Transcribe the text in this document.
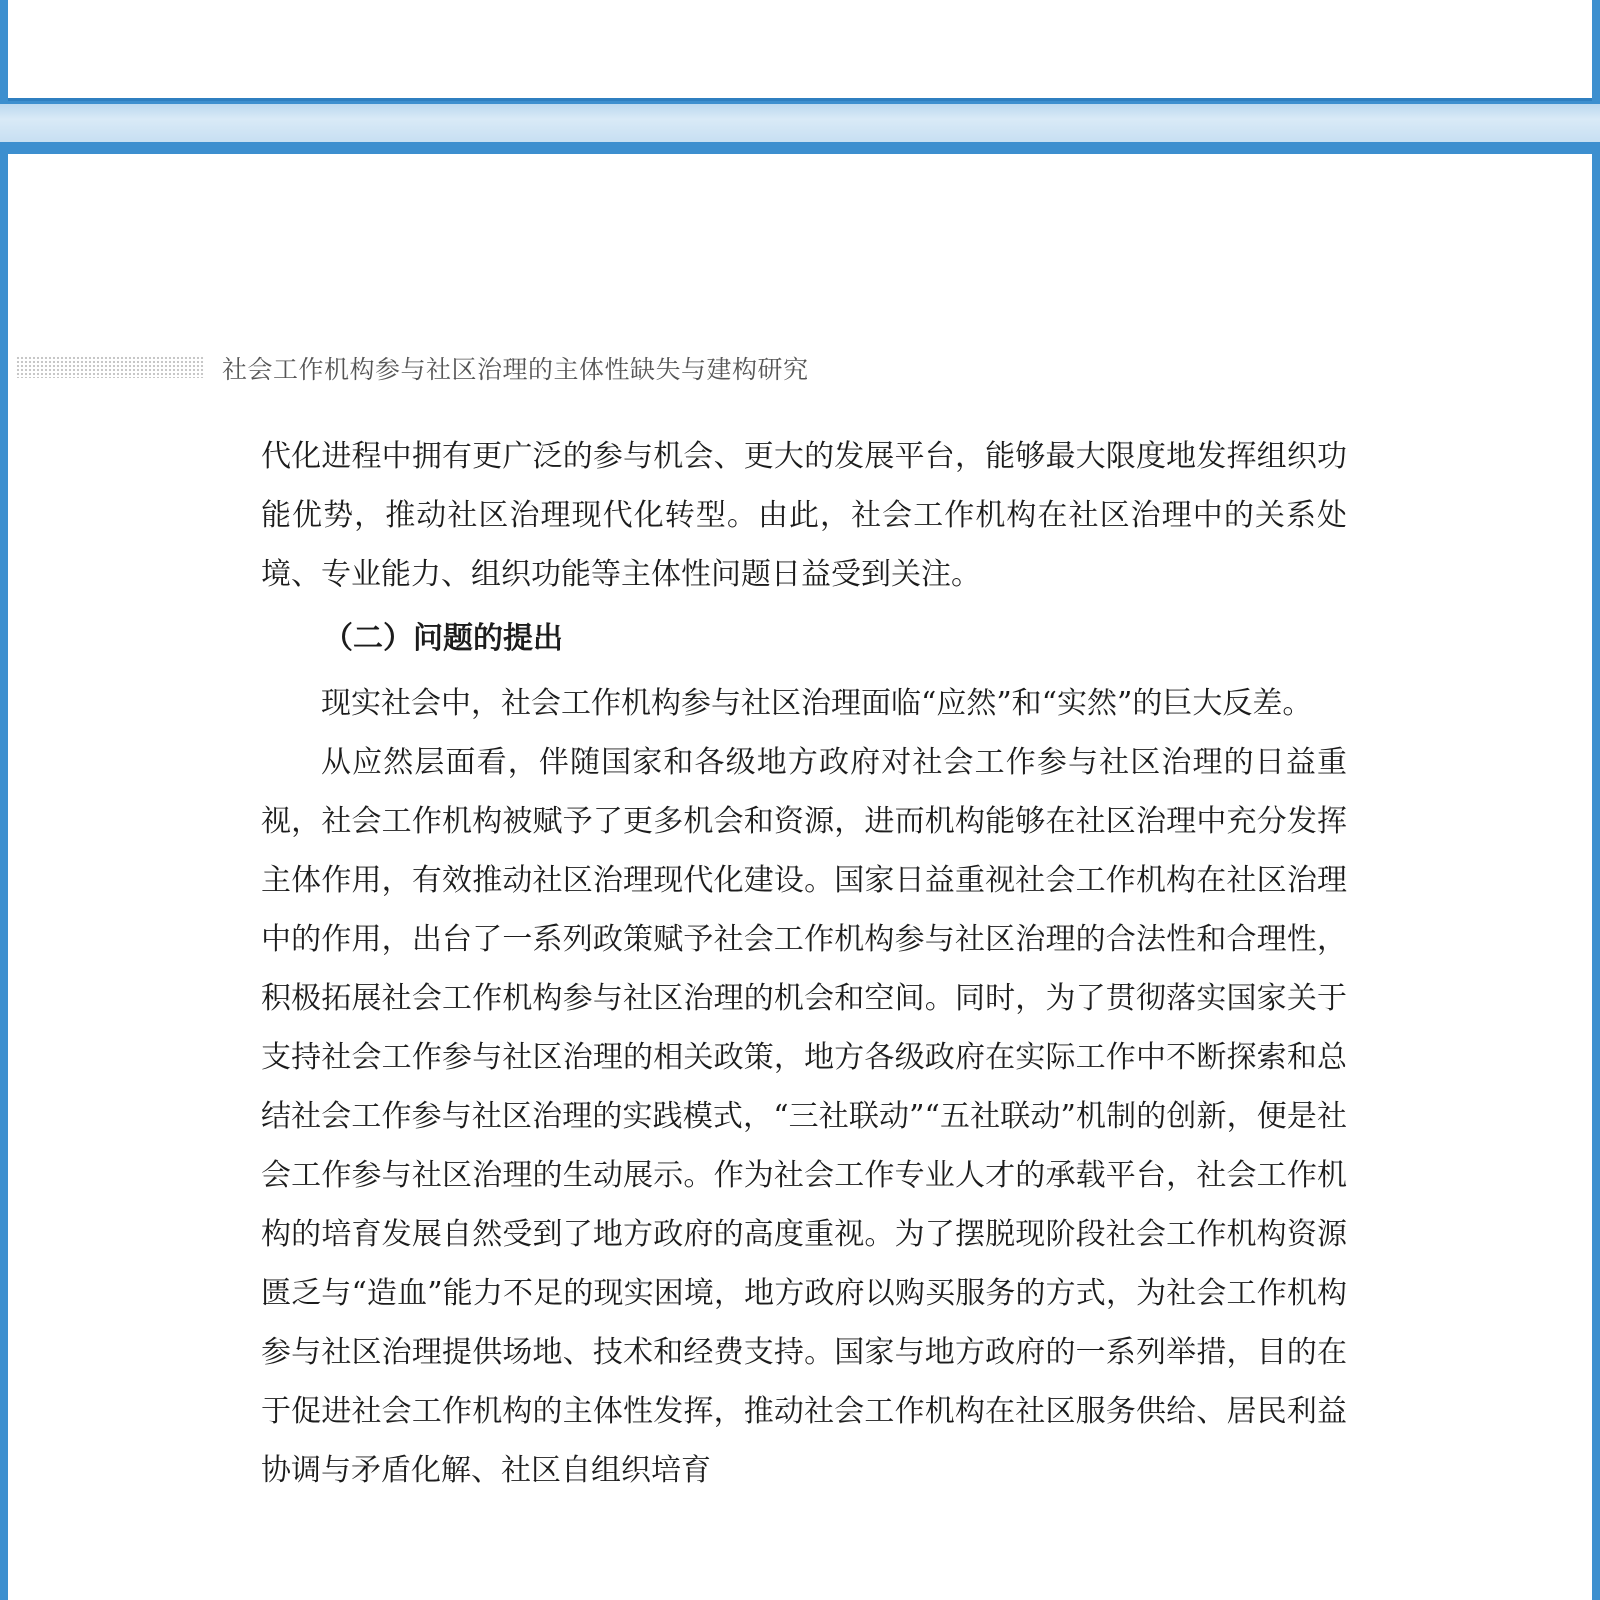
社会工作机构参与社区治理的主体性缺失与建构研究

代化进程中拥有更广泛的参与机会、更大的发展平台，能够最大限度地发挥组织功能优势，推动社区治理现代化转型。由此，社会工作机构在社区治理中的关系处境、专业能力、组织功能等主体性问题日益受到关注。

（二）问题的提出

现实社会中，社会工作机构参与社区治理面临“应然”和“实然”的巨大反差。

从应然层面看，伴随国家和各级地方政府对社会工作参与社区治理的日益重视，社会工作机构被赋予了更多机会和资源，进而机构能够在社区治理中充分发挥主体作用，有效推动社区治理现代化建设。国家日益重视社会工作机构在社区治理中的作用，出台了一系列政策赋予社会工作机构参与社区治理的合法性和合理性，积极拓展社会工作机构参与社区治理的机会和空间。同时，为了贯彻落实国家关于支持社会工作参与社区治理的相关政策，地方各级政府在实际工作中不断探索和总结社会工作参与社区治理的实践模式，“三社联动”“五社联动”机制的创新，便是社会工作参与社区治理的生动展示。作为社会工作专业人才的承载平台，社会工作机构的培育发展自然受到了地方政府的高度重视。为了摆脱现阶段社会工作机构资源匮乏与“造血”能力不足的现实困境，地方政府以购买服务的方式，为社会工作机构参与社区治理提供场地、技术和经费支持。国家与地方政府的一系列举措，目的在于促进社会工作机构的主体性发挥，推动社会工作机构在社区服务供给、居民利益协调与矛盾化解、社区自组织培育
